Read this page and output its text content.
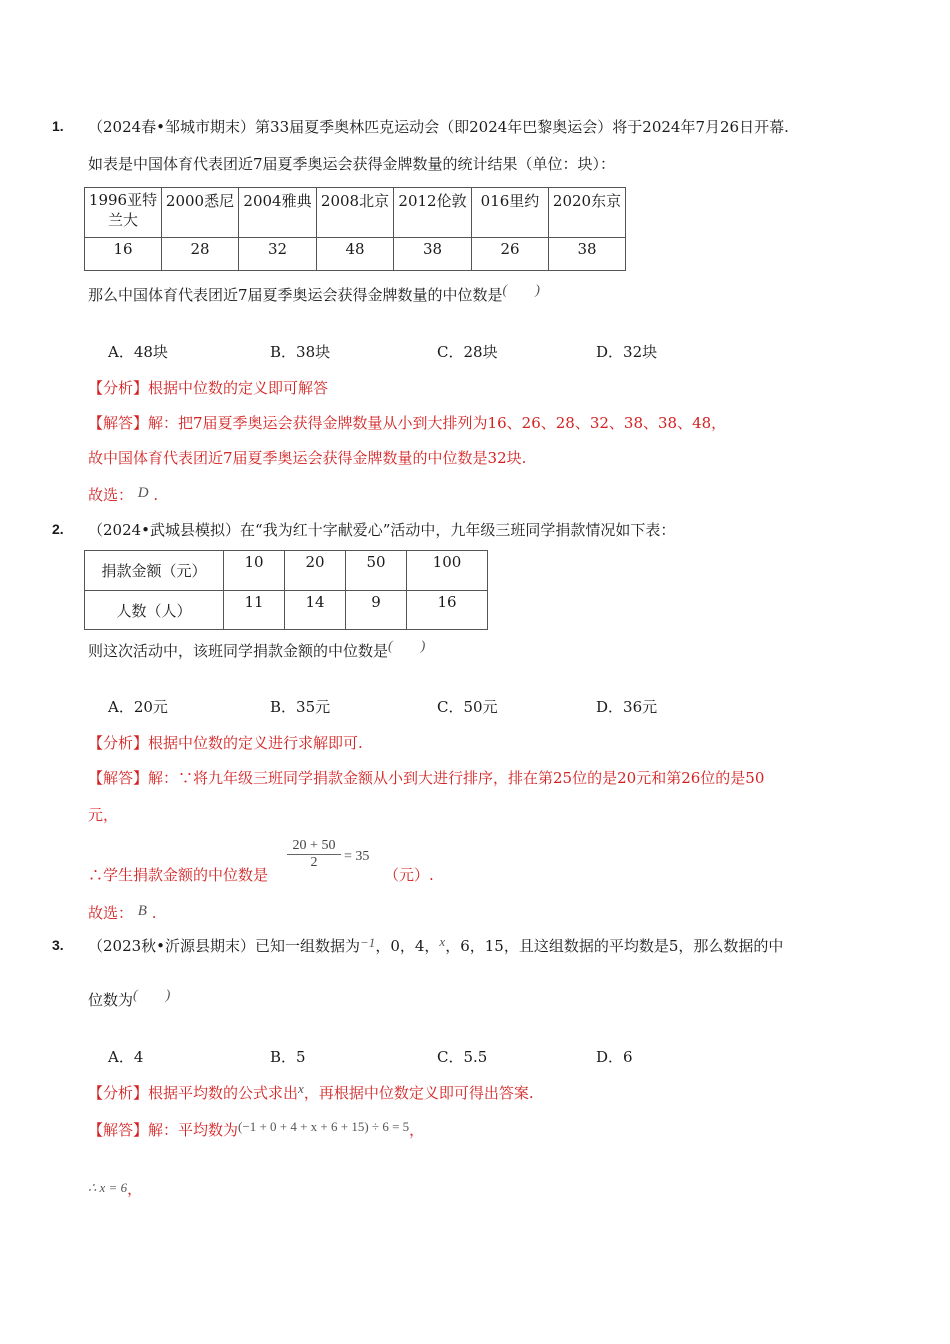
1. （2024春•邹城市期末）第33届夏季奥林匹克运动会（即2024年巴黎奥运会）将于2024年7月26日开幕.
如表是中国体育代表团近7届夏季奥运会获得金牌数量的统计结果（单位：块）：
1996亚特兰大	2000悉尼	2004雅典	2008北京	2012伦敦	016里约	2020东京
16	28	32	48	38	26	38
那么中国体育代表团近7届夏季奥运会获得金牌数量的中位数是(　　)
A．48块	B．38块	C．28块	D．32块
【分析】根据中位数的定义即可解答
【解答】解：把7届夏季奥运会获得金牌数量从小到大排列为16、26、28、32、38、38、48，
故中国体育代表团近7届夏季奥运会获得金牌数量的中位数是32块.
故选： D .
2. （2024•武城县模拟）在“我为红十字献爱心”活动中，九年级三班同学捐款情况如下表：
捐款金额（元）	10	20	50	100
人数（人）	11	14	9	16
则这次活动中，该班同学捐款金额的中位数是(　　)
A．20元	B．35元	C．50元	D．36元
【分析】根据中位数的定义进行求解即可.
【解答】解：∵将九年级三班同学捐款金额从小到大进行排序，排在第25位的是20元和第26位的是50
元，
∴学生捐款金额的中位数是
20 + 50
2	= 35
（元）.
故选： B .
3. （2023秋•沂源县期末）已知一组数据为−1，0，4，x，6，15，且这组数据的平均数是5，那么数据的中
位数为(　　)
A．4	B．5	C．5.5	D．6
【分析】根据平均数的公式求出x，再根据中位数定义即可得出答案.
【解答】解：平均数为(−1 + 0 + 4 + x + 6 + 15) ÷ 6 = 5，
∴ x = 6，
